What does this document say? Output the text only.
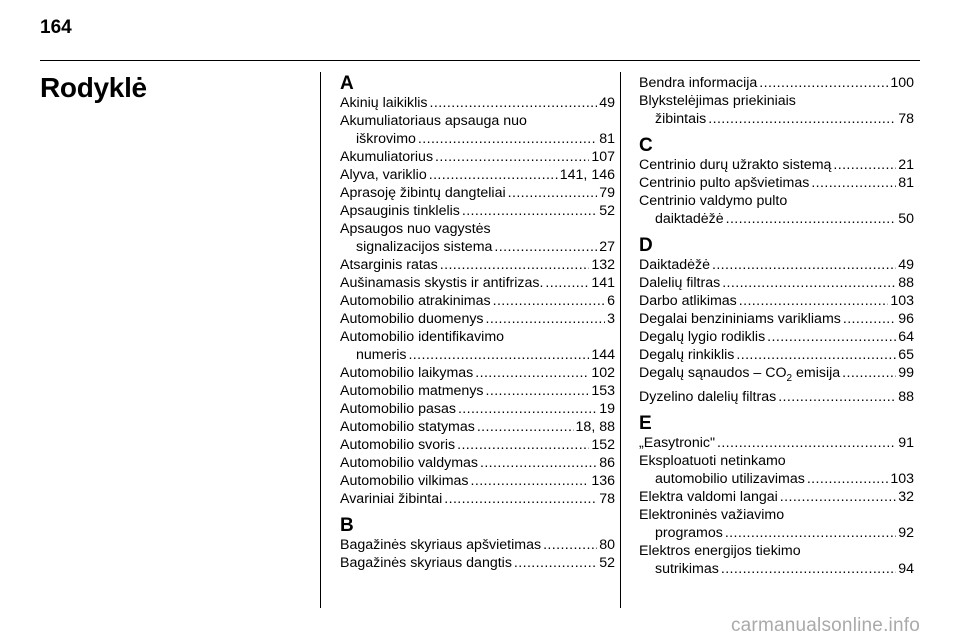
164
Rodyklė	A
Akinių laikiklis .....	49
Akumuliatoriaus apsauga nuo
iškrovimo .....	81
Akumuliatorius .....	107
Alyva, variklio .....	141, 146
Aprasoję žibintų dangteliai .....	79
Apsauginis tinklelis .....	52
Apsaugos nuo vagystės
signalizacijos sistema .....	27
Atsarginis ratas .....	132
Aušinamasis skystis ir antifrizas. .....	141
Automobilio atrakinimas .....	6
Automobilio duomenys .....	3
Automobilio identifikavimo
numeris .....	144
Automobilio laikymas .....	102
Automobilio matmenys .....	153
Automobilio pasas .....	19
Automobilio statymas .....	18, 88
Automobilio svoris .....	152
Automobilio valdymas .....	86
Automobilio vilkimas .....	136
Avariniai žibintai .....	78
B
Bagažinės skyriaus apšvietimas .....	80
Bagažinės skyriaus dangtis .....	52
Bendra informacija .....	100
Blykstelėjimas priekiniais
žibintais .....	78
C
Centrinio durų užrakto sistemą .....	21
Centrinio pulto apšvietimas .....	81
Centrinio valdymo pulto
daiktadėžė .....	50
D
Daiktadėžė .....	49
Dalelių filtras .....	88
Darbo atlikimas .....	103
Degalai benzininiams varikliams .....	96
Degalų lygio rodiklis .....	64
Degalų rinkiklis .....	65
Degalų sąnaudos – $CO_2$ emisija .....	99
Dyzelino dalelių filtras .....	88
E
„Easytronic" .....	91
Eksploatuoti netinkamo
automobilio utilizavimas .....	103
Elektra valdomi langai .....	32
Elektroninės važiavimo
programos .....	92
Elektros energijos tiekimo
sutrikimas .....	94
carmanualsonline.info
